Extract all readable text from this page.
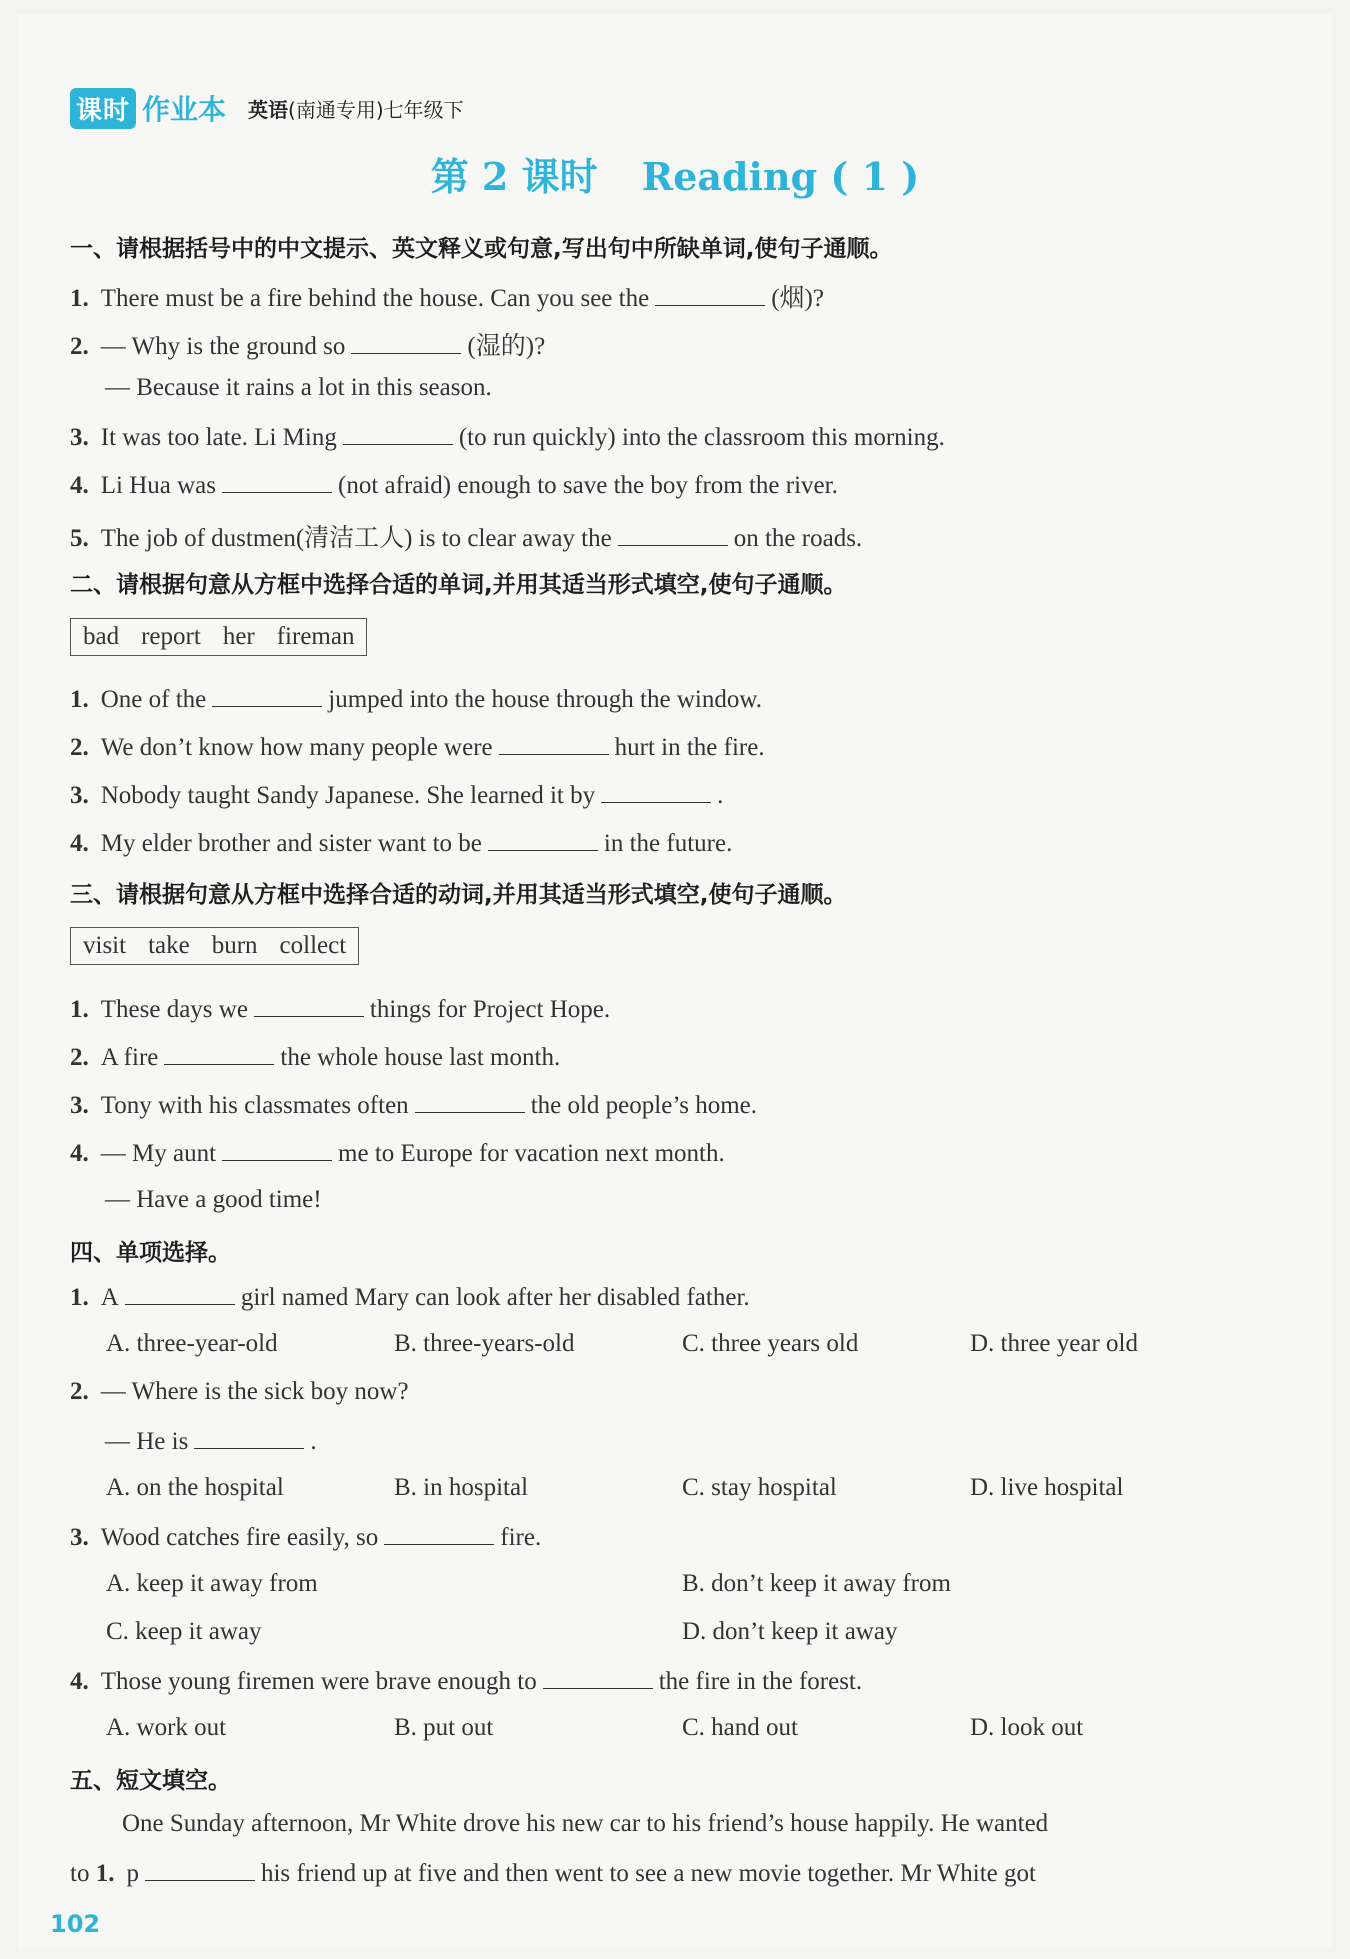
课时 作业本 英语(南通专用)七年级下
第 2 课时 Reading ( 1 )
一、请根据括号中的中文提示、英文释义或句意,写出句中所缺单词,使句子通顺。
1. There must be a fire behind the house. Can you see the	(烟)?
2. — Why is the ground so	(湿的)?
— Because it rains a lot in this season.
3. It was too late. Li Ming	(to run quickly) into the classroom this morning.
4. Li Hua was	(not afraid) enough to save the boy from the river.
5. The job of dustmen(清洁工人) is to clear away the	on the roads.
二、请根据句意从方框中选择合适的单词,并用其适当形式填空,使句子通顺。
bad report her fireman
1. One of the	jumped into the house through the window.
2. We don’t know how many people were	hurt in the fire.
3. Nobody taught Sandy Japanese. She learned it by	.
4. My elder brother and sister want to be	in the future.
三、请根据句意从方框中选择合适的动词,并用其适当形式填空,使句子通顺。
visit take burn collect
1. These days we	things for Project Hope.
2. A fire	the whole house last month.
3. Tony with his classmates often	the old people’s home.
4. — My aunt	me to Europe for vacation next month.
— Have a good time!
四、单项选择。
1. A	girl named Mary can look after her disabled father.
A. three-year-old	B. three-years-old	C. three years old	D. three year old
2. — Where is the sick boy now?
— He is	.
A. on the hospital	B. in hospital	C. stay hospital	D. live hospital
3. Wood catches fire easily, so	fire.
A. keep it away from	B. don’t keep it away from
C. keep it away	D. don’t keep it away
4. Those young firemen were brave enough to	the fire in the forest.
A. work out	B. put out	C. hand out	D. look out
五、短文填空。
One Sunday afternoon, Mr White drove his new car to his friend’s house happily. He wanted
to 1. p	his friend up at five and then went to see a new movie together. Mr White got
102
